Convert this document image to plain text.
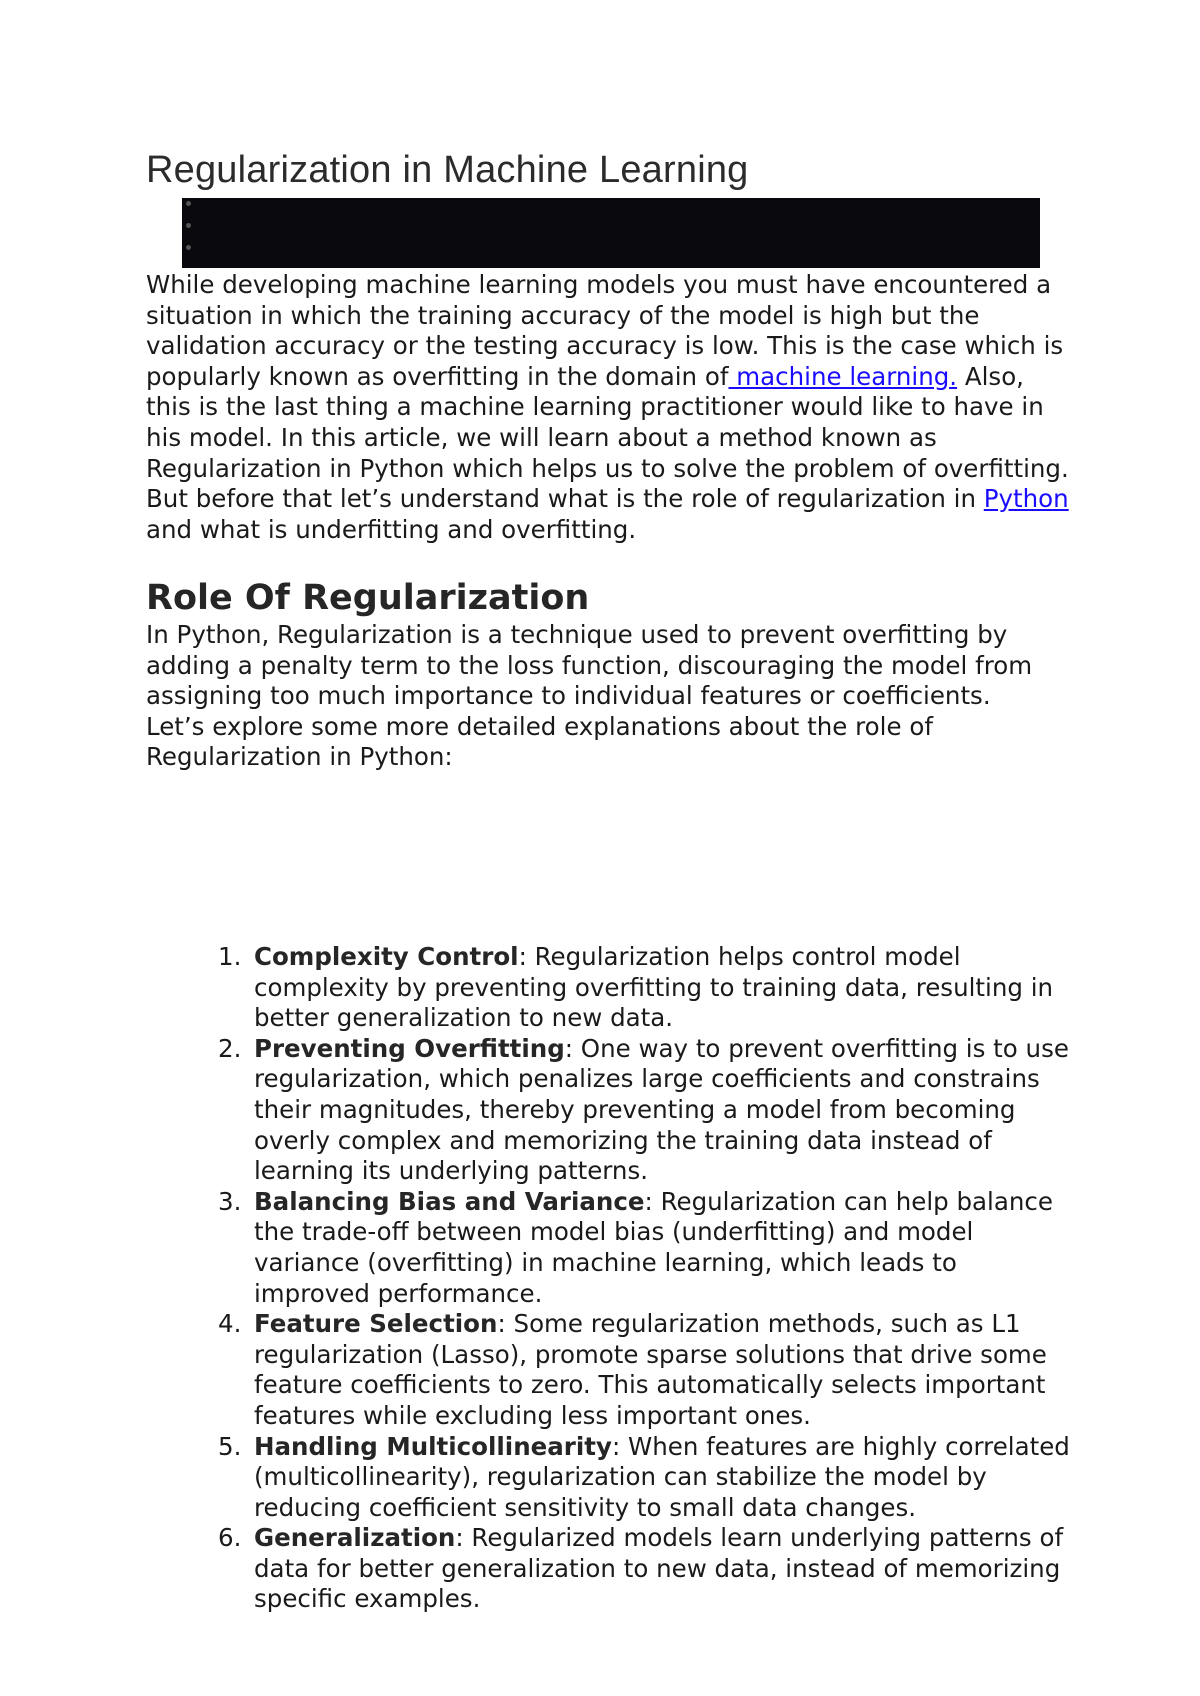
Regularization in Machine Learning

While developing machine learning models you must have encountered a situation in which the training accuracy of the model is high but the validation accuracy or the testing accuracy is low. This is the case which is popularly known as overfitting in the domain of machine learning. Also, this is the last thing a machine learning practitioner would like to have in his model. In this article, we will learn about a method known as Regularization in Python which helps us to solve the problem of overfitting. But before that let’s understand what is the role of regularization in Python and what is underfitting and overfitting.

Role Of Regularization
In Python, Regularization is a technique used to prevent overfitting by adding a penalty term to the loss function, discouraging the model from assigning too much importance to individual features or coefficients.
Let’s explore some more detailed explanations about the role of Regularization in Python:
1. Complexity Control: Regularization helps control model complexity by preventing overfitting to training data, resulting in better generalization to new data.
2. Preventing Overfitting: One way to prevent overfitting is to use regularization, which penalizes large coefficients and constrains their magnitudes, thereby preventing a model from becoming overly complex and memorizing the training data instead of learning its underlying patterns.
3. Balancing Bias and Variance: Regularization can help balance the trade-off between model bias (underfitting) and model variance (overfitting) in machine learning, which leads to improved performance.
4. Feature Selection: Some regularization methods, such as L1 regularization (Lasso), promote sparse solutions that drive some feature coefficients to zero. This automatically selects important features while excluding less important ones.
5. Handling Multicollinearity: When features are highly correlated (multicollinearity), regularization can stabilize the model by reducing coefficient sensitivity to small data changes.
6. Generalization: Regularized models learn underlying patterns of data for better generalization to new data, instead of memorizing specific examples.
